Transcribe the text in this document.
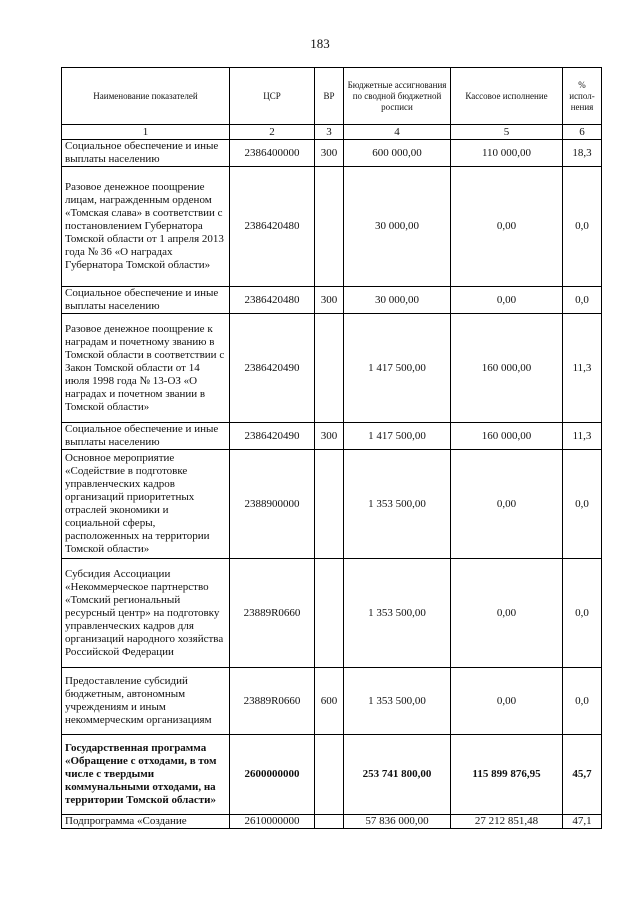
183
Наименование показателей	ЦСР	ВР	Бюджетные ассигнования по сводной бюджетной росписи	Кассовое исполнение	% испол-нения
1	2	3	4	5	6
Социальное обеспечение и иные выплаты населению	2386400000	300	600 000,00	110 000,00	18,3
Разовое денежное поощрение лицам, награжденным орденом «Томская слава» в соответствии с постановлением Губернатора Томской области от 1 апреля 2013 года № 36 «О наградах Губернатора Томской области»	2386420480		30 000,00	0,00	0,0
Социальное обеспечение и иные выплаты населению	2386420480	300	30 000,00	0,00	0,0
Разовое денежное поощрение к наградам и почетному званию в Томской области в соответствии с Закон Томской области от 14 июля 1998 года № 13-ОЗ «О наградах и почетном звании в Томской области»	2386420490		1 417 500,00	160 000,00	11,3
Социальное обеспечение и иные выплаты населению	2386420490	300	1 417 500,00	160 000,00	11,3
Основное мероприятие «Содействие в подготовке управленческих кадров организаций приоритетных отраслей экономики и социальной сферы, расположенных на территории Томской области»	2388900000		1 353 500,00	0,00	0,0
Субсидия Ассоциации «Некоммерческое партнерство «Томский региональный ресурсный центр» на подготовку управленческих кадров для организаций народного хозяйства Российской Федерации	23889R0660		1 353 500,00	0,00	0,0
Предоставление субсидий бюджетным, автономным учреждениям и иным некоммерческим организациям	23889R0660	600	1 353 500,00	0,00	0,0
Государственная программа «Обращение с отходами, в том числе с твердыми коммунальными отходами, на территории Томской области»	2600000000		253 741 800,00	115 899 876,95	45,7
Подпрограмма «Создание	2610000000		57 836 000,00	27 212 851,48	47,1
